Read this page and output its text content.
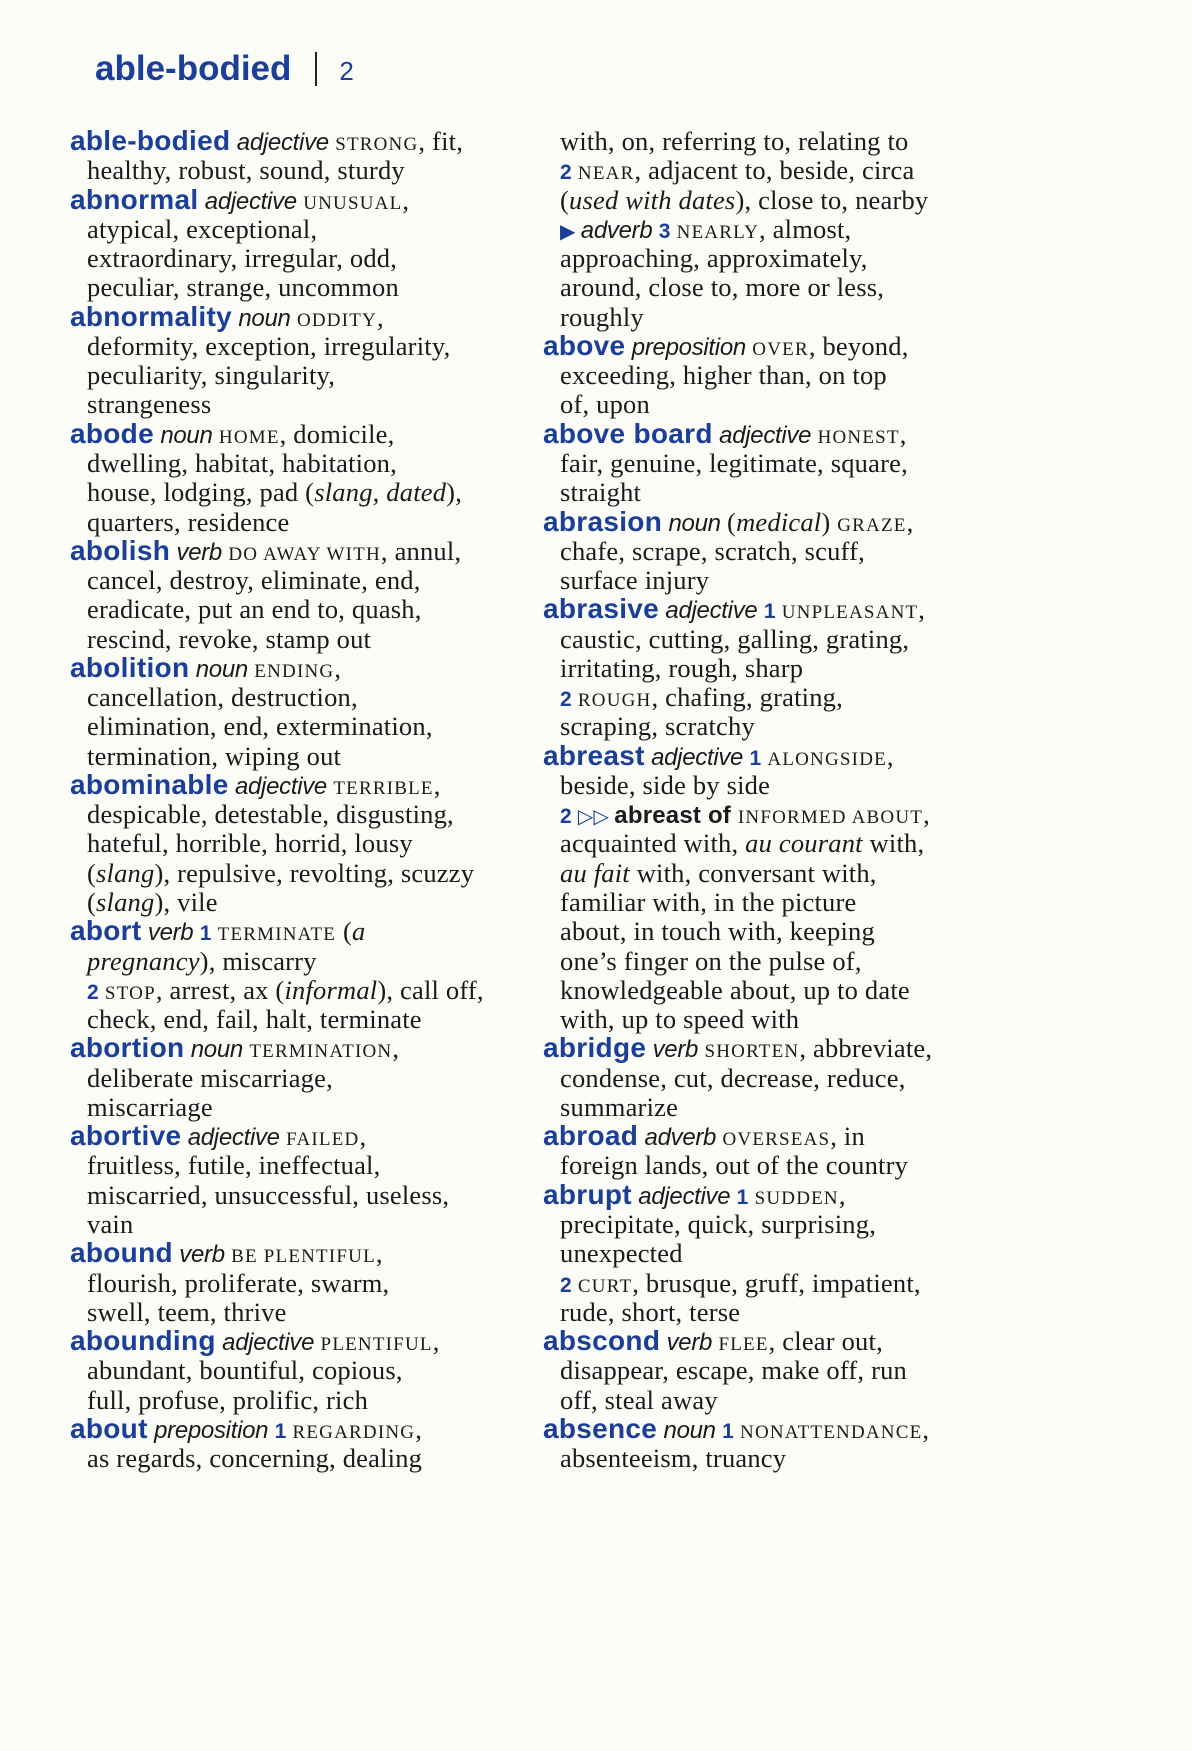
able-bodied 2
able-bodied adjective STRONG, fit,
healthy, robust, sound, sturdy
abnormal adjective UNUSUAL,
atypical, exceptional,
extraordinary, irregular, odd,
peculiar, strange, uncommon
abnormality noun ODDITY,
deformity, exception, irregularity,
peculiarity, singularity,
strangeness
abode noun HOME, domicile,
dwelling, habitat, habitation,
house, lodging, pad (slang, dated),
quarters, residence
abolish verb DO AWAY WITH, annul,
cancel, destroy, eliminate, end,
eradicate, put an end to, quash,
rescind, revoke, stamp out
abolition noun ENDING,
cancellation, destruction,
elimination, end, extermination,
termination, wiping out
abominable adjective TERRIBLE,
despicable, detestable, disgusting,
hateful, horrible, horrid, lousy
(slang), repulsive, revolting, scuzzy
(slang), vile
abort verb 1 TERMINATE (a
pregnancy), miscarry
2 STOP, arrest, ax (informal), call off,
check, end, fail, halt, terminate
abortion noun TERMINATION,
deliberate miscarriage,
miscarriage
abortive adjective FAILED,
fruitless, futile, ineffectual,
miscarried, unsuccessful, useless,
vain
abound verb BE PLENTIFUL,
flourish, proliferate, swarm,
swell, teem, thrive
abounding adjective PLENTIFUL,
abundant, bountiful, copious,
full, profuse, prolific, rich
about preposition 1 REGARDING,
as regards, concerning, dealing
with, on, referring to, relating to
2 NEAR, adjacent to, beside, circa
(used with dates), close to, nearby
▶ adverb 3 NEARLY, almost,
approaching, approximately,
around, close to, more or less,
roughly
above preposition OVER, beyond,
exceeding, higher than, on top
of, upon
above board adjective HONEST,
fair, genuine, legitimate, square,
straight
abrasion noun (medical) GRAZE,
chafe, scrape, scratch, scuff,
surface injury
abrasive adjective 1 UNPLEASANT,
caustic, cutting, galling, grating,
irritating, rough, sharp
2 ROUGH, chafing, grating,
scraping, scratchy
abreast adjective 1 ALONGSIDE,
beside, side by side
2 ▷▷ abreast of INFORMED ABOUT,
acquainted with, au courant with,
au fait with, conversant with,
familiar with, in the picture
about, in touch with, keeping
one’s finger on the pulse of,
knowledgeable about, up to date
with, up to speed with
abridge verb SHORTEN, abbreviate,
condense, cut, decrease, reduce,
summarize
abroad adverb OVERSEAS, in
foreign lands, out of the country
abrupt adjective 1 SUDDEN,
precipitate, quick, surprising,
unexpected
2 CURT, brusque, gruff, impatient,
rude, short, terse
abscond verb FLEE, clear out,
disappear, escape, make off, run
off, steal away
absence noun 1 NONATTENDANCE,
absenteeism, truancy
